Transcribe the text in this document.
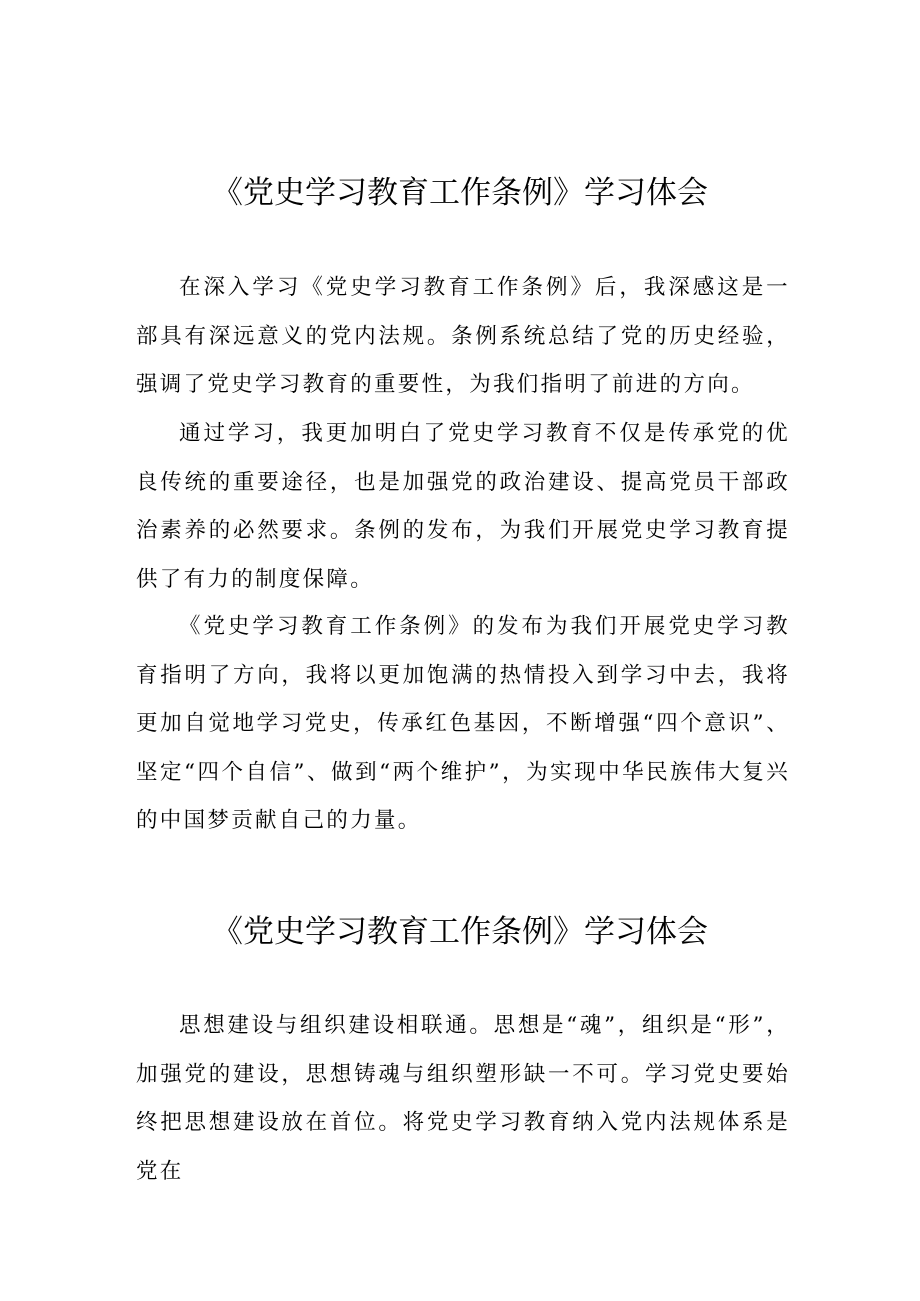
《党史学习教育工作条例》学习体会

在深入学习《党史学习教育工作条例》后，我深感这是一部具有深远意义的党内法规。条例系统总结了党的历史经验，强调了党史学习教育的重要性，为我们指明了前进的方向。

通过学习，我更加明白了党史学习教育不仅是传承党的优良传统的重要途径，也是加强党的政治建设、提高党员干部政治素养的必然要求。条例的发布，为我们开展党史学习教育提供了有力的制度保障。

《党史学习教育工作条例》的发布为我们开展党史学习教育指明了方向，我将以更加饱满的热情投入到学习中去，我将更加自觉地学习党史，传承红色基因，不断增强“四个意识”、坚定“四个自信”、做到“两个维护”，为实现中华民族伟大复兴的中国梦贡献自己的力量。

《党史学习教育工作条例》学习体会

思想建设与组织建设相联通。思想是“魂”，组织是“形”，加强党的建设，思想铸魂与组织塑形缺一不可。学习党史要始终把思想建设放在首位。将党史学习教育纳入党内法规体系是党在
